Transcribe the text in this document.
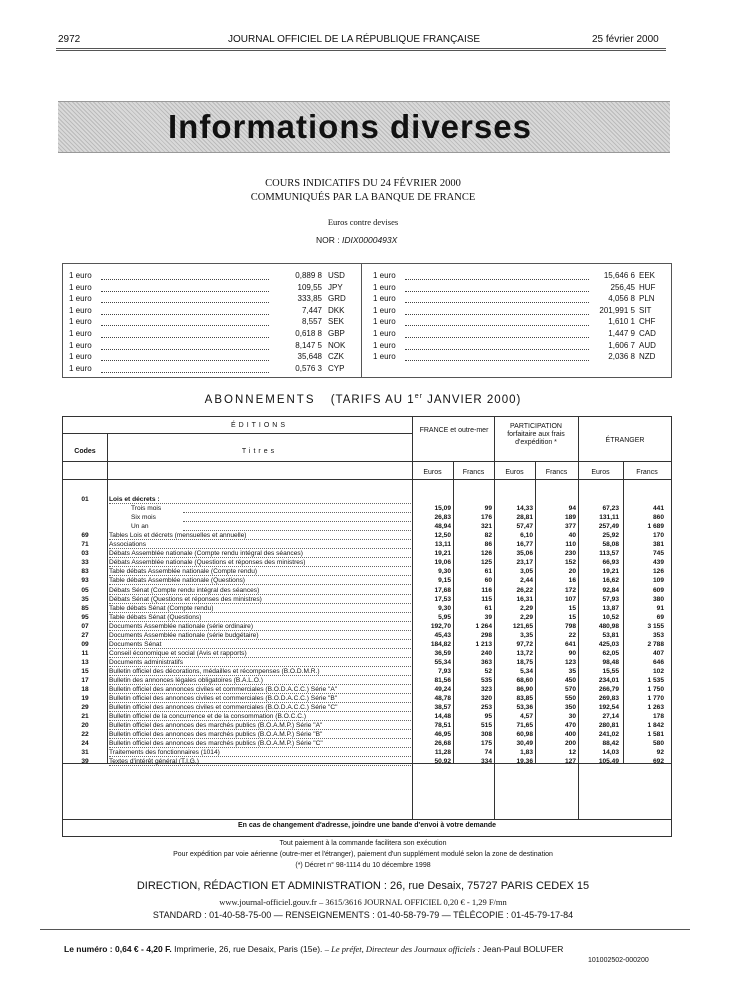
2972	JOURNAL OFFICIEL DE LA RÉPUBLIQUE FRANÇAISE	25 février 2000
Informations diverses
COURS INDICATIFS DU 24 FÉVRIER 2000
COMMUNIQUÉS PAR LA BANQUE DE FRANCE
Euros contre devises
NOR : IDIX0000493X
1 euro	0,889 8 USD
1 euro	109,55 JPY
1 euro	333,85 GRD
1 euro	7,447 DKK
1 euro	8,557 SEK
1 euro	0,618 8 GBP
1 euro	8,147 5 NOK
1 euro	35,648 CZK
1 euro	0,576 3 CYP
1 euro	15,646 6 EEK
1 euro	256,45 HUF
1 euro	4,056 8 PLN
1 euro	201,991 5 SIT
1 euro	1,610 1 CHF
1 euro	1,447 9 CAD
1 euro	1,606 7 AUD
1 euro	2,036 8 NZD
ABONNEMENTS (TARIFS AU 1er JANVIER 2000)
ÉDITIONS
Codes	Titres
FRANCE et outre-mer
PARTICIPATION forfaitaire aux frais d'expédition *	ÉTRANGER
Euros	Francs	Euros	Francs	Euros	Francs
01	Lois et décrets :
Trois mois	15,09	99	14,33	94	67,23	441
Six mois	26,83	176	28,81	189	131,11	860
Un an	48,94	321	57,47	377	257,49	1 689
69	Tables Lois et décrets (mensuelles et annuelle)	12,50	82	6,10	40	25,92	170
71	Associations	13,11	86	16,77	110	58,08	381
03	Débats Assemblée nationale (Compte rendu intégral des séances)	19,21	126	35,06	230	113,57	745
33	Débats Assemblée nationale (Questions et réponses des ministres)	19,06	125	23,17	152	66,93	439
83	Table débats Assemblée nationale (Compte rendu)	9,30	61	3,05	20	19,21	126
93	Table débats Assemblée nationale (Questions)	9,15	60	2,44	16	16,62	109
05	Débats Sénat (Compte rendu intégral des séances)	17,68	116	26,22	172	92,84	609
35	Débats Sénat (Questions et réponses des ministres)	17,53	115	16,31	107	57,93	380
85	Table débats Sénat (Compte rendu)	9,30	61	2,29	15	13,87	91
95	Table débats Sénat (Questions)	5,95	39	2,29	15	10,52	69
07	Documents Assemblée nationale (série ordinaire)	192,70	1 264	121,65	798	480,98	3 155
27	Documents Assemblée nationale (série budgétaire)	45,43	298	3,35	22	53,81	353
09	Documents Sénat	184,82	1 213	97,72	641	425,03	2 788
11	Conseil économique et social (Avis et rapports)	36,59	240	13,72	90	62,05	407
13	Documents administratifs	55,34	363	18,75	123	98,48	646
15	Bulletin officiel des décorations, médailles et récompenses (B.O.D.M.R.)	7,93	52	5,34	35	15,55	102
17	Bulletin des annonces légales obligatoires (B.A.L.O.)	81,56	535	68,60	450	234,01	1 535
18	Bulletin officiel des annonces civiles et commerciales (B.O.D.A.C.C.) Série "A"	49,24	323	86,90	570	266,79	1 750
19	Bulletin officiel des annonces civiles et commerciales (B.O.D.A.C.C.) Série "B"	48,78	320	83,85	550	269,83	1 770
29	Bulletin officiel des annonces civiles et commerciales (B.O.D.A.C.C.) Série "C"	38,57	253	53,36	350	192,54	1 263
21	Bulletin officiel de la concurrence et de la consommation (B.O.C.C.)	14,48	95	4,57	30	27,14	178
20	Bulletin officiel des annonces des marchés publics (B.O.A.M.P.) Série "A"	78,51	515	71,65	470	280,81	1 842
22	Bulletin officiel des annonces des marchés publics (B.O.A.M.P.) Série "B"	46,95	308	60,98	400	241,02	1 581
24	Bulletin officiel des annonces des marchés publics (B.O.A.M.P.) Série "C"	26,68	175	30,49	200	88,42	580
31	Traitements des fonctionnaires (1014)	11,28	74	1,83	12	14,03	92
39	Textes d'intérêt général (T.I.G.)	50,92	334	19,36	127	105,49	692
En cas de changement d'adresse, joindre une bande d'envoi à votre demande
Tout paiement à la commande facilitera son exécution
Pour expédition par voie aérienne (outre-mer et l'étranger), paiement d'un supplément modulé selon la zone de destination
(*) Décret n° 98-1114 du 10 décembre 1998
DIRECTION, RÉDACTION ET ADMINISTRATION : 26, rue Desaix, 75727 PARIS CEDEX 15
www.journal-officiel.gouv.fr – 3615/3616 JOURNAL OFFICIEL 0,20 € - 1,29 F/mn
STANDARD : 01-40-58-75-00 — RENSEIGNEMENTS : 01-40-58-79-79 — TÉLÉCOPIE : 01-45-79-17-84
Le numéro : 0,64 € - 4,20 F. Imprimerie, 26, rue Desaix, Paris (15e). – Le préfet, Directeur des Journaux officiels : Jean-Paul BOLUFER
101002502-000200
